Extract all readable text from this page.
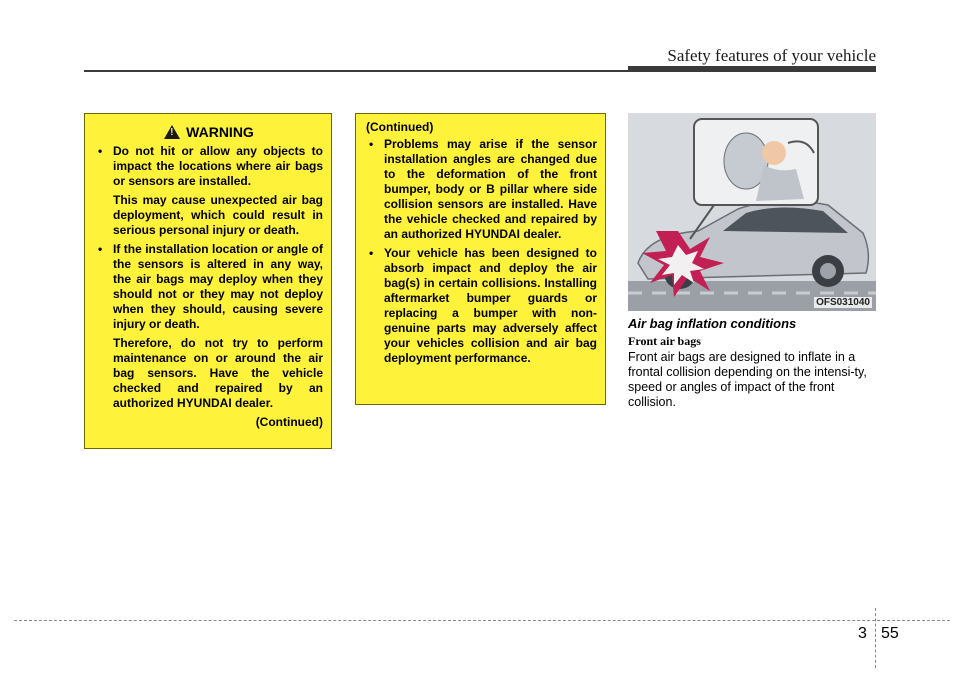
Safety features of your vehicle
!
WARNING

• Do not hit or allow any objects to impact the locations where air bags or sensors are installed.

This may cause unexpected air bag deployment, which could result in serious personal injury or death.

• If the installation location or angle of the sensors is altered in any way, the air bags may deploy when they should not or they may not deploy when they should, causing severe injury or death.

Therefore, do not try to perform maintenance on or around the air bag sensors. Have the vehicle checked and repaired by an authorized HYUNDAI dealer.

(Continued)

(Continued)

• Problems may arise if the sensor installation angles are changed due to the deformation of the front bumper, body or B pillar where side collision sensors are installed. Have the vehicle checked and repaired by an authorized HYUNDAI dealer.

• Your vehicle has been designed to absorb impact and deploy the air bag(s) in certain collisions. Installing aftermarket bumper guards or replacing a bumper with non-genuine parts may adversely affect your vehicles collision and air bag deployment performance.

OFS031040
Air bag inflation conditions
Front air bags
Front air bags are designed to inflate in a frontal collision depending on the intensi-ty, speed or angles of impact of the front collision.
3 55
